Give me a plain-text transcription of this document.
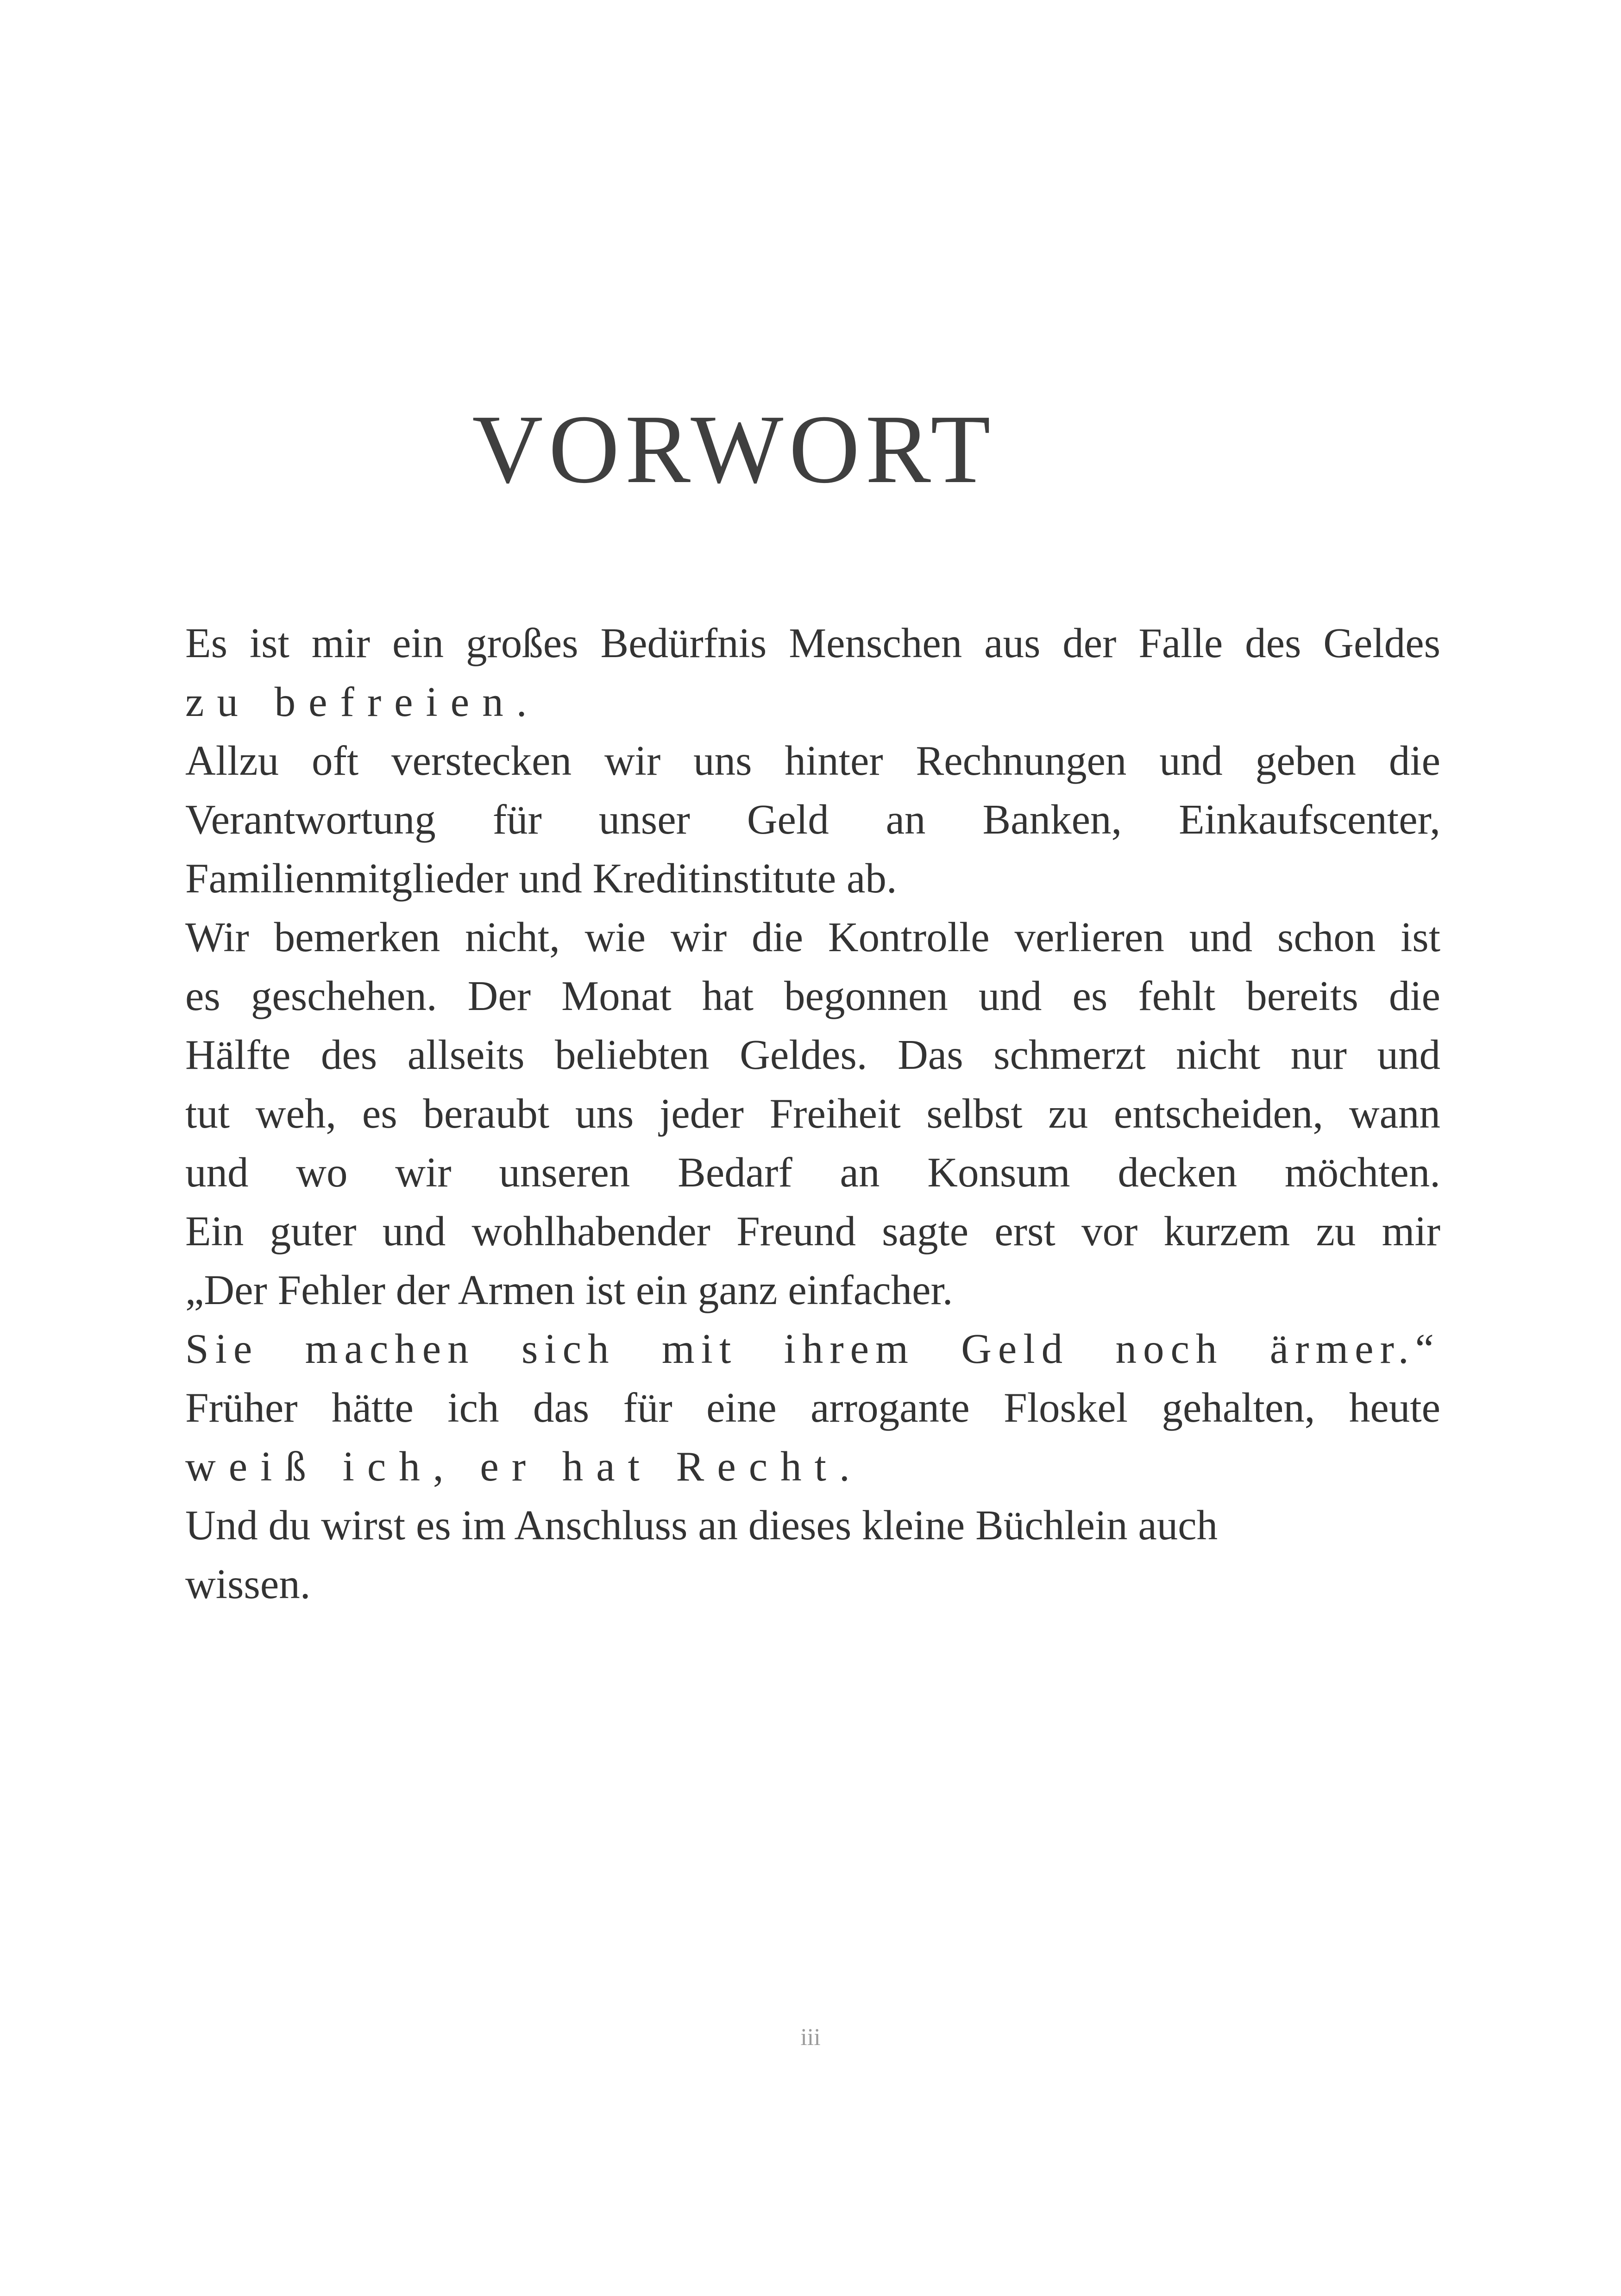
VORWORT
Es ist mir ein großes Bedürfnis Menschen aus der Falle des Geldes
zu befreien.
Allzu oft verstecken wir uns hinter Rechnungen und geben die
Verantwortung für unser Geld an Banken, Einkaufscenter,
Familienmitglieder und Kreditinstitute ab.
Wir bemerken nicht, wie wir die Kontrolle verlieren und schon ist
es geschehen. Der Monat hat begonnen und es fehlt bereits die
Hälfte des allseits beliebten Geldes. Das schmerzt nicht nur und
tut weh, es beraubt uns jeder Freiheit selbst zu entscheiden, wann
und wo wir unseren Bedarf an Konsum decken möchten.
Ein guter und wohlhabender Freund sagte erst vor kurzem zu mir
„Der Fehler der Armen ist ein ganz einfacher.
Sie machen sich mit ihrem Geld noch ärmer.“
Früher hätte ich das für eine arrogante Floskel gehalten, heute
weiß ich, er hat Recht.
Und du wirst es im Anschluss an dieses kleine Büchlein auch
wissen.
iii
